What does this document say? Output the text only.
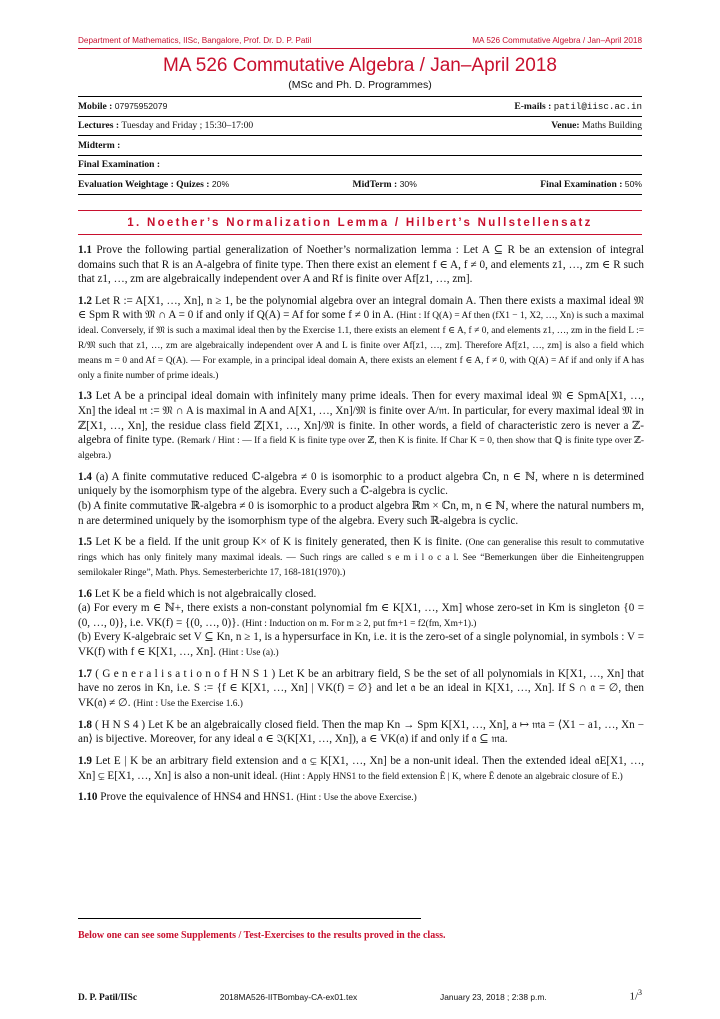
Department of Mathematics, IISc, Bangalore, Prof. Dr. D. P. Patil	MA 526 Commutative Algebra / Jan–April 2018
MA 526 Commutative Algebra / Jan–April 2018
(MSc and Ph. D. Programmes)
Mobile : 07975952079	E-mails : patil@iisc.ac.in
Lectures : Tuesday and Friday ; 15:30–17:00	Venue: Maths Building
Midterm :
Final Examination :
Evaluation Weightage : Quizes : 20%	MidTerm : 30%	Final Examination : 50%
1. Noether’s Normalization Lemma / Hilbert’s Nullstellensatz

1.1 Prove the following partial generalization of Noether’s normalization lemma : Let A ⊆ R be an extension of integral domains such that R is an A-algebra of finite type. Then there exist an element f ∈ A, f ≠ 0, and elements z1, …, zm ∈ R such that z1, …, zm are algebraically independent over A and Rf is finite over Af[z1, …, zm].

1.2 Let R := A[X1, …, Xn], n ≥ 1, be the polynomial algebra over an integral domain A. Then there exists a maximal ideal 𝔐 ∈ Spm R with 𝔐 ∩ A = 0 if and only if Q(A) = Af for some f ≠ 0 in A. (Hint : If Q(A) = Af then (fX1 − 1, X2, …, Xn) is such a maximal ideal. Conversely, if 𝔐 is such a maximal ideal then by the Exercise 1.1, there exists an element f ∈ A, f ≠ 0, and elements z1, …, zm in the field L := R/𝔐 such that z1, …, zm are algebraically independent over A and L is finite over Af[z1, …, zm]. Therefore Af[z1, …, zm] is also a field which means m = 0 and Af = Q(A). — For example, in a principal ideal domain A, there exists an element f ∈ A, f ≠ 0, with Q(A) = Af if and only if A has only a finite number of prime ideals.)

1.3 Let A be a principal ideal domain with infinitely many prime ideals. Then for every maximal ideal 𝔐 ∈ SpmA[X1, …, Xn] the ideal 𝔪 := 𝔐 ∩ A is maximal in A and A[X1, …, Xn]/𝔐 is finite over A/𝔪. In particular, for every maximal ideal 𝔐 in ℤ[X1, …, Xn], the residue class field ℤ[X1, …, Xn]/𝔐 is finite. In other words, a field of characteristic zero is never a ℤ-algebra of finite type. (Remark / Hint : — If a field K is finite type over ℤ, then K is finite. If Char K = 0, then show that ℚ is finite type over ℤ-algebra.)

1.4 (a) A finite commutative reduced ℂ-algebra ≠ 0 is isomorphic to a product algebra ℂn, n ∈ ℕ, where n is determined uniquely by the isomorphism type of the algebra. Every such a ℂ-algebra is cyclic.
(b) A finite commutative ℝ-algebra ≠ 0 is isomorphic to a product algebra ℝm × ℂn, m, n ∈ ℕ, where the natural numbers m, n are determined uniquely by the isomorphism type of the algebra. Every such ℝ-algebra is cyclic.

1.5 Let K be a field. If the unit group K× of K is finitely generated, then K is finite. (One can generalise this result to commutative rings which has only finitely many maximal ideals. — Such rings are called s e m i l o c a l. See “Bemerkungen über die Einheitengruppen semilokaler Ringe”, Math. Phys. Semesterberichte 17, 168-181(1970).)

1.6 Let K be a field which is not algebraically closed.
(a) For every m ∈ ℕ+, there exists a non-constant polynomial fm ∈ K[X1, …, Xm] whose zero-set in Km is singleton {0 = (0, …, 0)}, i.e. VK(f) = {(0, …, 0)}. (Hint : Induction on m. For m ≥ 2, put fm+1 = f2(fm, Xm+1).)
(b) Every K-algebraic set V ⊆ Kn, n ≥ 1, is a hypersurface in Kn, i.e. it is the zero-set of a single polynomial, in symbols : V = VK(f) with f ∈ K[X1, …, Xn]. (Hint : Use (a).)

1.7 ( G e n e r a l i s a t i o n o f H N S 1 ) Let K be an arbitrary field, S be the set of all polynomials in K[X1, …, Xn] that have no zeros in Kn, i.e. S := {f ∈ K[X1, …, Xn] | VK(f) = ∅} and let 𝔞 be an ideal in K[X1, …, Xn]. If S ∩ 𝔞 = ∅, then VK(𝔞) ≠ ∅. (Hint : Use the Exercise 1.6.)

1.8 ( H N S 4 ) Let K be an algebraically closed field. Then the map Kn → Spm K[X1, …, Xn], a ↦ 𝔪a = ⟨X1 − a1, …, Xn − an⟩ is bijective. Moreover, for any ideal 𝔞 ∈ ℑ(K[X1, …, Xn]), a ∈ VK(𝔞) if and only if 𝔞 ⊆ 𝔪a.

1.9 Let E | K be an arbitrary field extension and 𝔞 ⊊ K[X1, …, Xn] be a non-unit ideal. Then the extended ideal 𝔞E[X1, …, Xn] ⊊ E[X1, …, Xn] is also a non-unit ideal. (Hint : Apply HNS1 to the field extension Ē | K, where Ē denote an algebraic closure of E.)

1.10 Prove the equivalence of HNS4 and HNS1. (Hint : Use the above Exercise.)

Below one can see some Supplements / Test-Exercises to the results proved in the class.
D. P. Patil/IISc	2018MA526-IITBombay-CA-ex01.tex	January 23, 2018 ; 2:38 p.m.	1/$^3$
